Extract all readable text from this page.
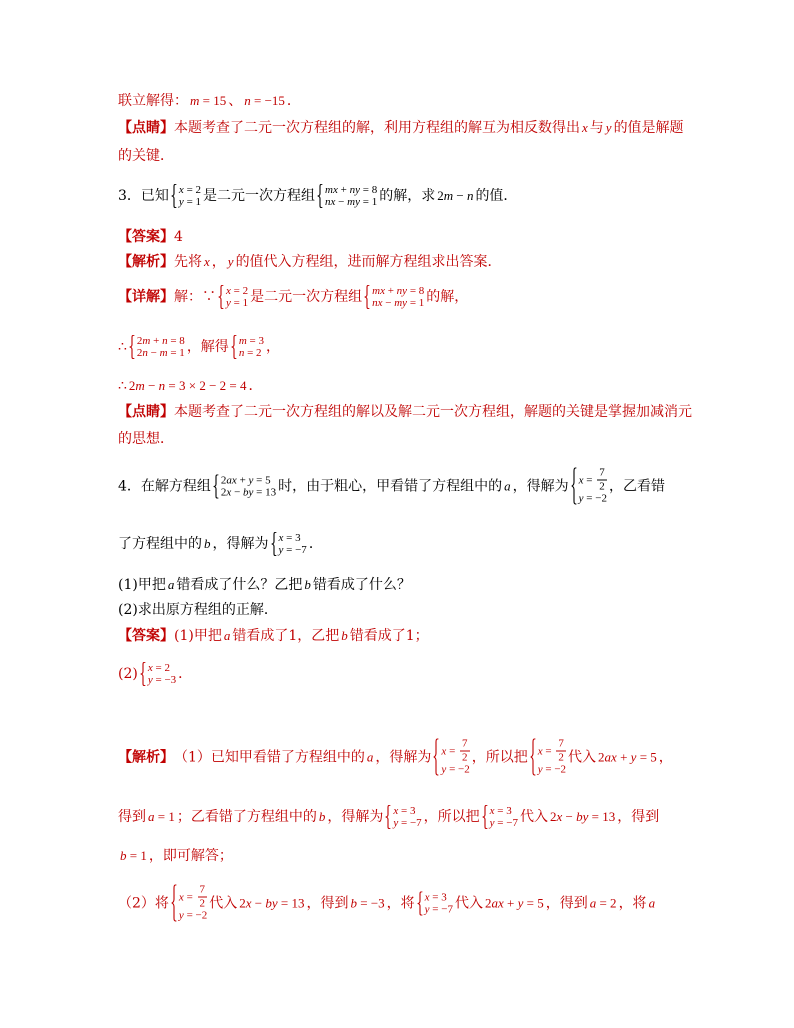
联立解得： m = 15 、 n = −15 ．
【点睛】 本题考查了二元一次方程组的解，利用方程组的解互为相反数得出 x 与 y 的值是解题
的关键．
3．已知 x = 2
y = 1 是二元一次方程组 mx + ny = 8
nx − my = 1 的解，求 2m − n 的值．
【答案】 4
【解析】 先将 x ， y 的值代入方程组，进而解方程组求出答案．
【详解】 解：∵ x = 2
y = 1 是二元一次方程组 mx + ny = 8
nx − my = 1 的解，
∴ 2m + n = 8
2n − m = 1 ，解得 m = 3
n = 2 ，
∴ 2m − n = 3 × 2 − 2 = 4 ．
【点睛】 本题考查了二元一次方程组的解以及解二元一次方程组，解题的关键是掌握加减消元
的思想．
4．在解方程组 2ax + y = 5
2x − by = 13 时，由于粗心，甲看错了方程组中的 a ，得解为 $x = \frac{7}{2}$
y = −2
，乙看错
了方程组中的 b ，得解为 x = 3
y = −7 ．
(1)甲把 a 错看成了什么？乙把 b 错看成了什么？
(2)求出原方程组的正解．
【答案】 (1)甲把 a 错看成了1，乙把 b 错看成了1；
(2) x = 2
y = −3 ．
【解析】 （1）已知甲看错了方程组中的 a ，得解为 $x = \frac{7}{2}$
y = −2
，所以把 $x = \frac{7}{2}$
y = −2
代入 2ax + y = 5 ，
得到 a = 1 ；乙看错了方程组中的 b ，得解为 x = 3
y = −7 ，所以把 x = 3
y = −7 代入 2x − by = 13 ，得到
b = 1 ，即可解答；
（2）将 $x = \frac{7}{2}$
y = −2
代入 2x − by = 13 ，得到 b = −3 ，将 x = 3
y = −7 代入 2ax + y = 5 ，得到 a = 2 ，将 a
